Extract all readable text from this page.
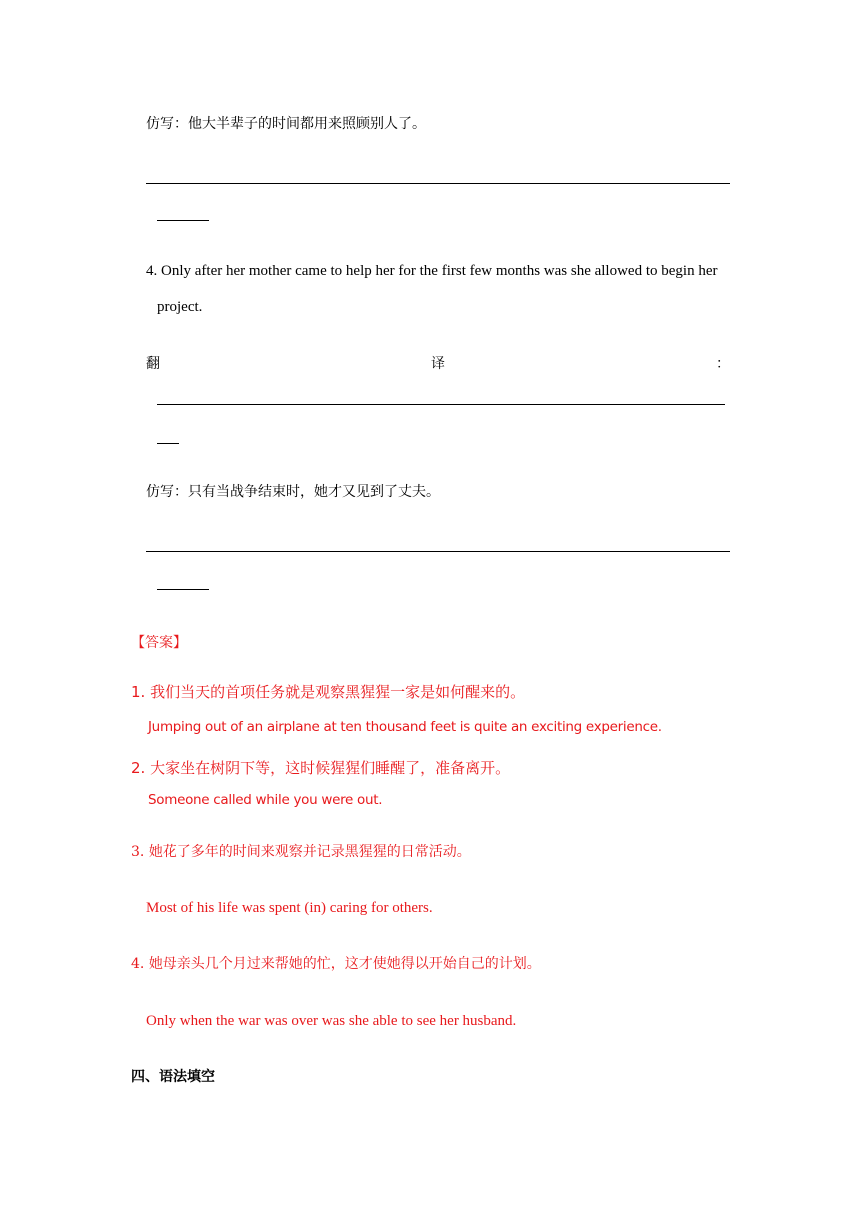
仿写：他大半辈子的时间都用来照顾别人了。
4. Only after her mother came to help her for the first few months was she allowed to begin her
project.
翻	译	：
仿写：只有当战争结束时，她才又见到了丈夫。
【答案】
1. 我们当天的首项任务就是观察黑猩猩一家是如何醒来的。
Jumping out of an airplane at ten thousand feet is quite an exciting experience.
2. 大家坐在树阴下等，这时候猩猩们睡醒了，准备离开。
Someone called while you were out.
3. 她花了多年的时间来观察并记录黑猩猩的日常活动。
Most of his life was spent (in) caring for others.
4. 她母亲头几个月过来帮她的忙，这才使她得以开始自己的计划。
Only when the war was over was she able to see her husband.
四、语法填空
